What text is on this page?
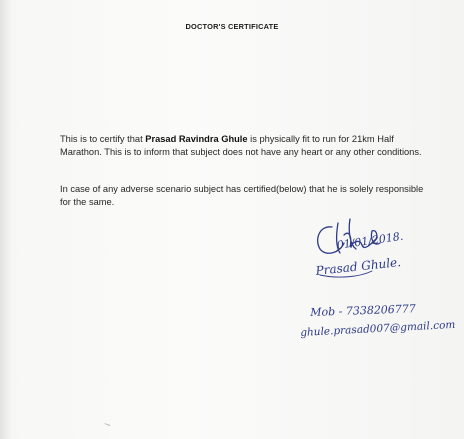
DOCTOR'S CERTIFICATE
This is to certify that Prasad Ravindra Ghule is physically fit to run for 21km Half Marathon. This is to inform that subject does not have any heart or any other conditions.
In case of any adverse scenario subject has certified(below) that he is solely responsible for the same.
01/01/2018.
Prasad Ghule.
Mob - 7338206777
ghule.prasad007@gmail.com
